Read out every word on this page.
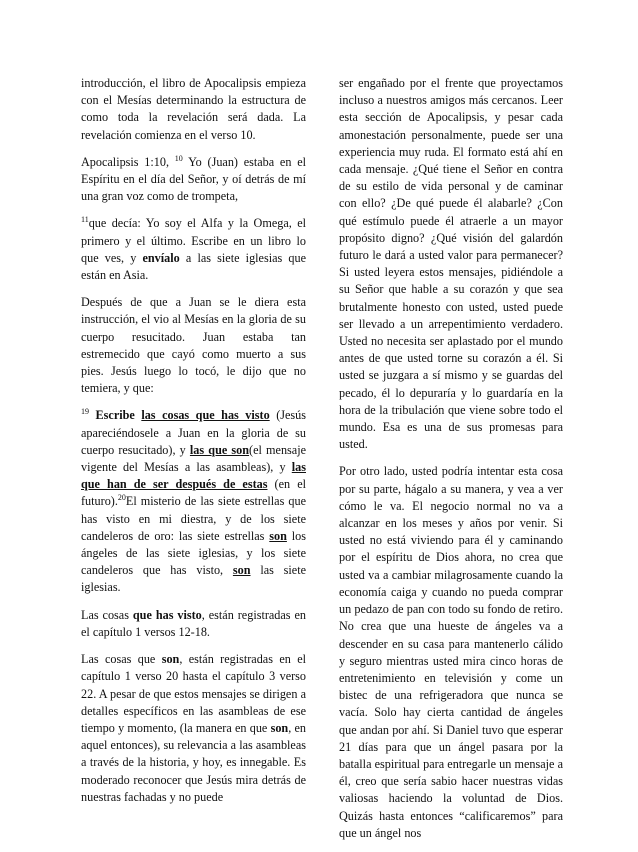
introducción, el libro de Apocalipsis empieza con el Mesías determinando la estructura de como toda la revelación será dada. La revelación comienza en el verso 10.

Apocalipsis 1:10, $^{10}$ Yo (Juan) estaba en el Espíritu en el día del Señor, y oí detrás de mí una gran voz como de trompeta,

$^{11}$que decía: Yo soy el Alfa y la Omega, el primero y el último. Escribe en un libro lo que ves, y envíalo a las siete iglesias que están en Asia.

Después de que a Juan se le diera esta instrucción, el vio al Mesías en la gloria de su cuerpo resucitado. Juan estaba tan estremecido que cayó como muerto a sus pies. Jesús luego lo tocó, le dijo que no temiera, y que:

$^{19}$ Escribe las cosas que has visto (Jesús apareciéndosele a Juan en la gloria de su cuerpo resucitado), y las que son(el mensaje vigente del Mesías a las asambleas), y las que han de ser después de estas (en el futuro).$^{20}$El misterio de las siete estrellas que has visto en mi diestra, y de los siete candeleros de oro: las siete estrellas son los ángeles de las siete iglesias, y los siete candeleros que has visto, son las siete iglesias.

Las cosas que has visto, están registradas en el capítulo 1 versos 12-18.

Las cosas que son, están registradas en el capítulo 1 verso 20 hasta el capítulo 3 verso 22. A pesar de que estos mensajes se dirigen a detalles específicos en las asambleas de ese tiempo y momento, (la manera en que son, en aquel entonces), su relevancia a las asambleas a través de la historia, y hoy, es innegable. Es moderado reconocer que Jesús mira detrás de nuestras fachadas y no puede

ser engañado por el frente que proyectamos incluso a nuestros amigos más cercanos. Leer esta sección de Apocalipsis, y pesar cada amonestación personalmente, puede ser una experiencia muy ruda. El formato está ahí en cada mensaje. ¿Qué tiene el Señor en contra de su estilo de vida personal y de caminar con ello? ¿De qué puede él alabarle? ¿Con qué estímulo puede él atraerle a un mayor propósito digno? ¿Qué visión del galardón futuro le dará a usted valor para permanecer? Si usted leyera estos mensajes, pidiéndole a su Señor que hable a su corazón y que sea brutalmente honesto con usted, usted puede ser llevado a un arrepentimiento verdadero. Usted no necesita ser aplastado por el mundo antes de que usted torne su corazón a él. Si usted se juzgara a sí mismo y se guardas del pecado, él lo depuraría y lo guardaría en la hora de la tribulación que viene sobre todo el mundo. Esa es una de sus promesas para usted.

Por otro lado, usted podría intentar esta cosa por su parte, hágalo a su manera, y vea a ver cómo le va. El negocio normal no va a alcanzar en los meses y años por venir. Si usted no está viviendo para él y caminando por el espíritu de Dios ahora, no crea que usted va a cambiar milagrosamente cuando la economía caiga y cuando no pueda comprar un pedazo de pan con todo su fondo de retiro. No crea que una hueste de ángeles va a descender en su casa para mantenerlo cálido y seguro mientras usted mira cinco horas de entretenimiento en televisión y come un bistec de una refrigeradora que nunca se vacía. Solo hay cierta cantidad de ángeles que andan por ahí. Si Daniel tuvo que esperar 21 días para que un ángel pasara por la batalla espiritual para entregarle un mensaje a él, creo que sería sabio hacer nuestras vidas valiosas haciendo la voluntad de Dios. Quizás hasta entonces “calificaremos” para que un ángel nos
